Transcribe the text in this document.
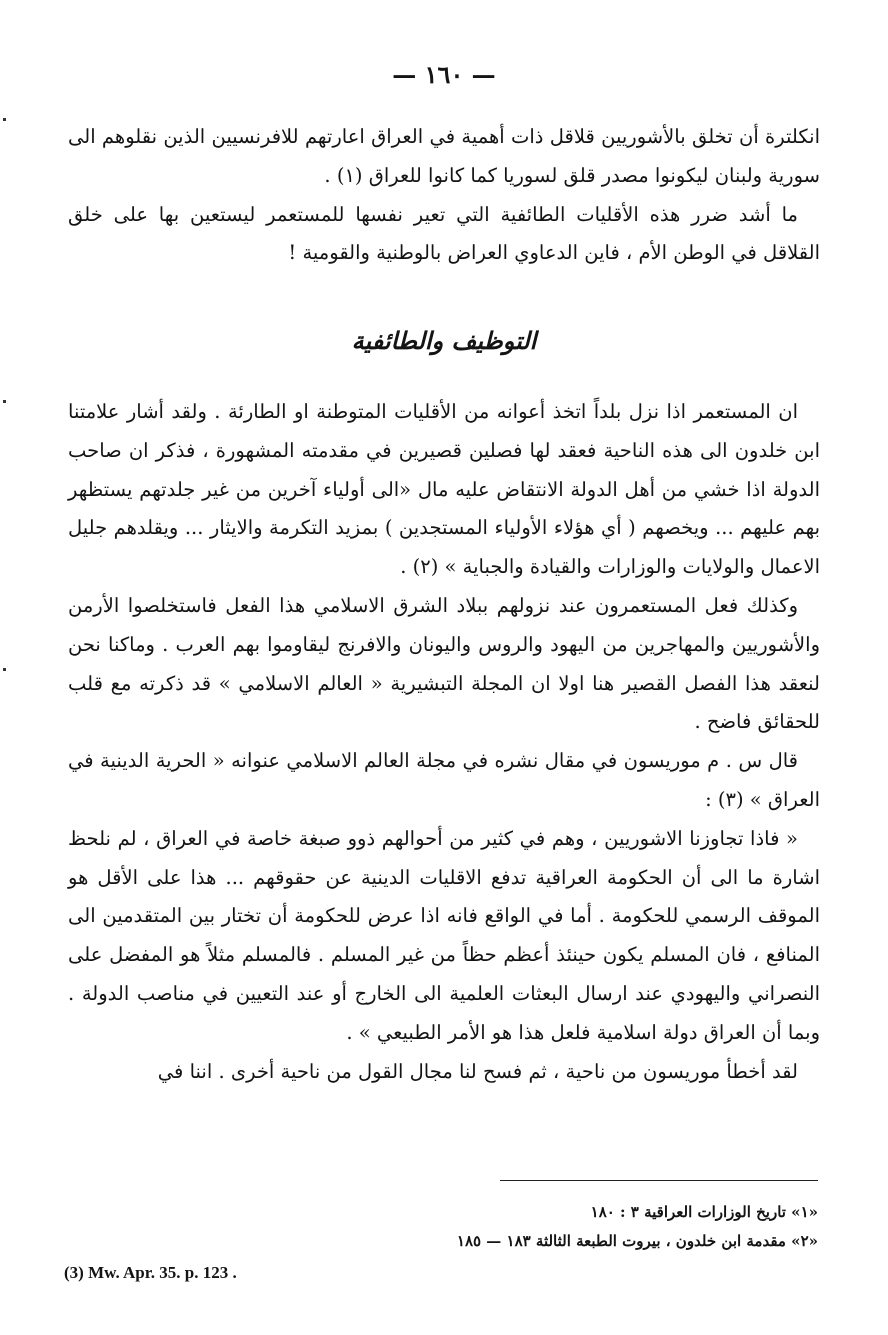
— ١٦٠ —

انكلترة أن تخلق بالأشوريين قلاقل ذات أهمية في العراق اعارتهم للافرنسيين الذين نقلوهم الى سورية ولبنان ليكونوا مصدر قلق لسوريا كما كانوا للعراق (١) .

ما أشد ضرر هذه الأقليات الطائفية التي تعير نفسها للمستعمر ليستعين بها على خلق القلاقل في الوطن الأم ، فاين الدعاوي العراض بالوطنية والقومية !

التوظيف والطائفية

ان المستعمر اذا نزل بلداً اتخذ أعوانه من الأقليات المتوطنة او الطارئة . ولقد أشار علامتنا ابن خلدون الى هذه الناحية فعقد لها فصلين قصيرين في مقدمته المشهورة ، فذكر ان صاحب الدولة اذا خشي من أهل الدولة الانتقاض عليه مال «الى أولياء آخرين من غير جلدتهم يستظهر بهم عليهم ... ويخصهم ( أي هؤلاء الأولياء المستجدين ) بمزيد التكرمة والايثار ... ويقلدهم جليل الاعمال والولايات والوزارات والقيادة والجباية » (٢) .

وكذلك فعل المستعمرون عند نزولهم ببلاد الشرق الاسلامي هذا الفعل فاستخلصوا الأرمن والأشوريين والمهاجرين من اليهود والروس واليونان والافرنج ليقاوموا بهم العرب . وماكنا نحن لنعقد هذا الفصل القصير هنا اولا ان المجلة التبشيرية « العالم الاسلامي » قد ذكرته مع قلب للحقائق فاضح .

قال س . م موريسون في مقال نشره في مجلة العالم الاسلامي عنوانه « الحرية الدينية في العراق » (٣) :

« فاذا تجاوزنا الاشوريين ، وهم في كثير من أحوالهم ذوو صبغة خاصة في العراق ، لم نلحظ اشارة ما الى أن الحكومة العراقية تدفع الاقليات الدينية عن حقوقهم ... هذا على الأقل هو الموقف الرسمي للحكومة . أما في الواقع فانه اذا عرض للحكومة أن تختار بين المتقدمين الى المنافع ، فان المسلم يكون حينئذ أعظم حظاً من غير المسلم . فالمسلم مثلاً هو المفضل على النصراني واليهودي عند ارسال البعثات العلمية الى الخارج أو عند التعيين في مناصب الدولة . وبما أن العراق دولة اسلامية فلعل هذا هو الأمر الطبيعي » .

لقد أخطأ موريسون من ناحية ، ثم فسح لنا مجال القول من ناحية أخرى . اننا في

«١» تاريخ الوزارات العراقية ٣ : ١٨٠

«٢» مقدمة ابن خلدون ، بيروت الطبعة الثالثة ١٨٣ — ١٨٥

(3) Mw. Apr. 35. p. 123 .
